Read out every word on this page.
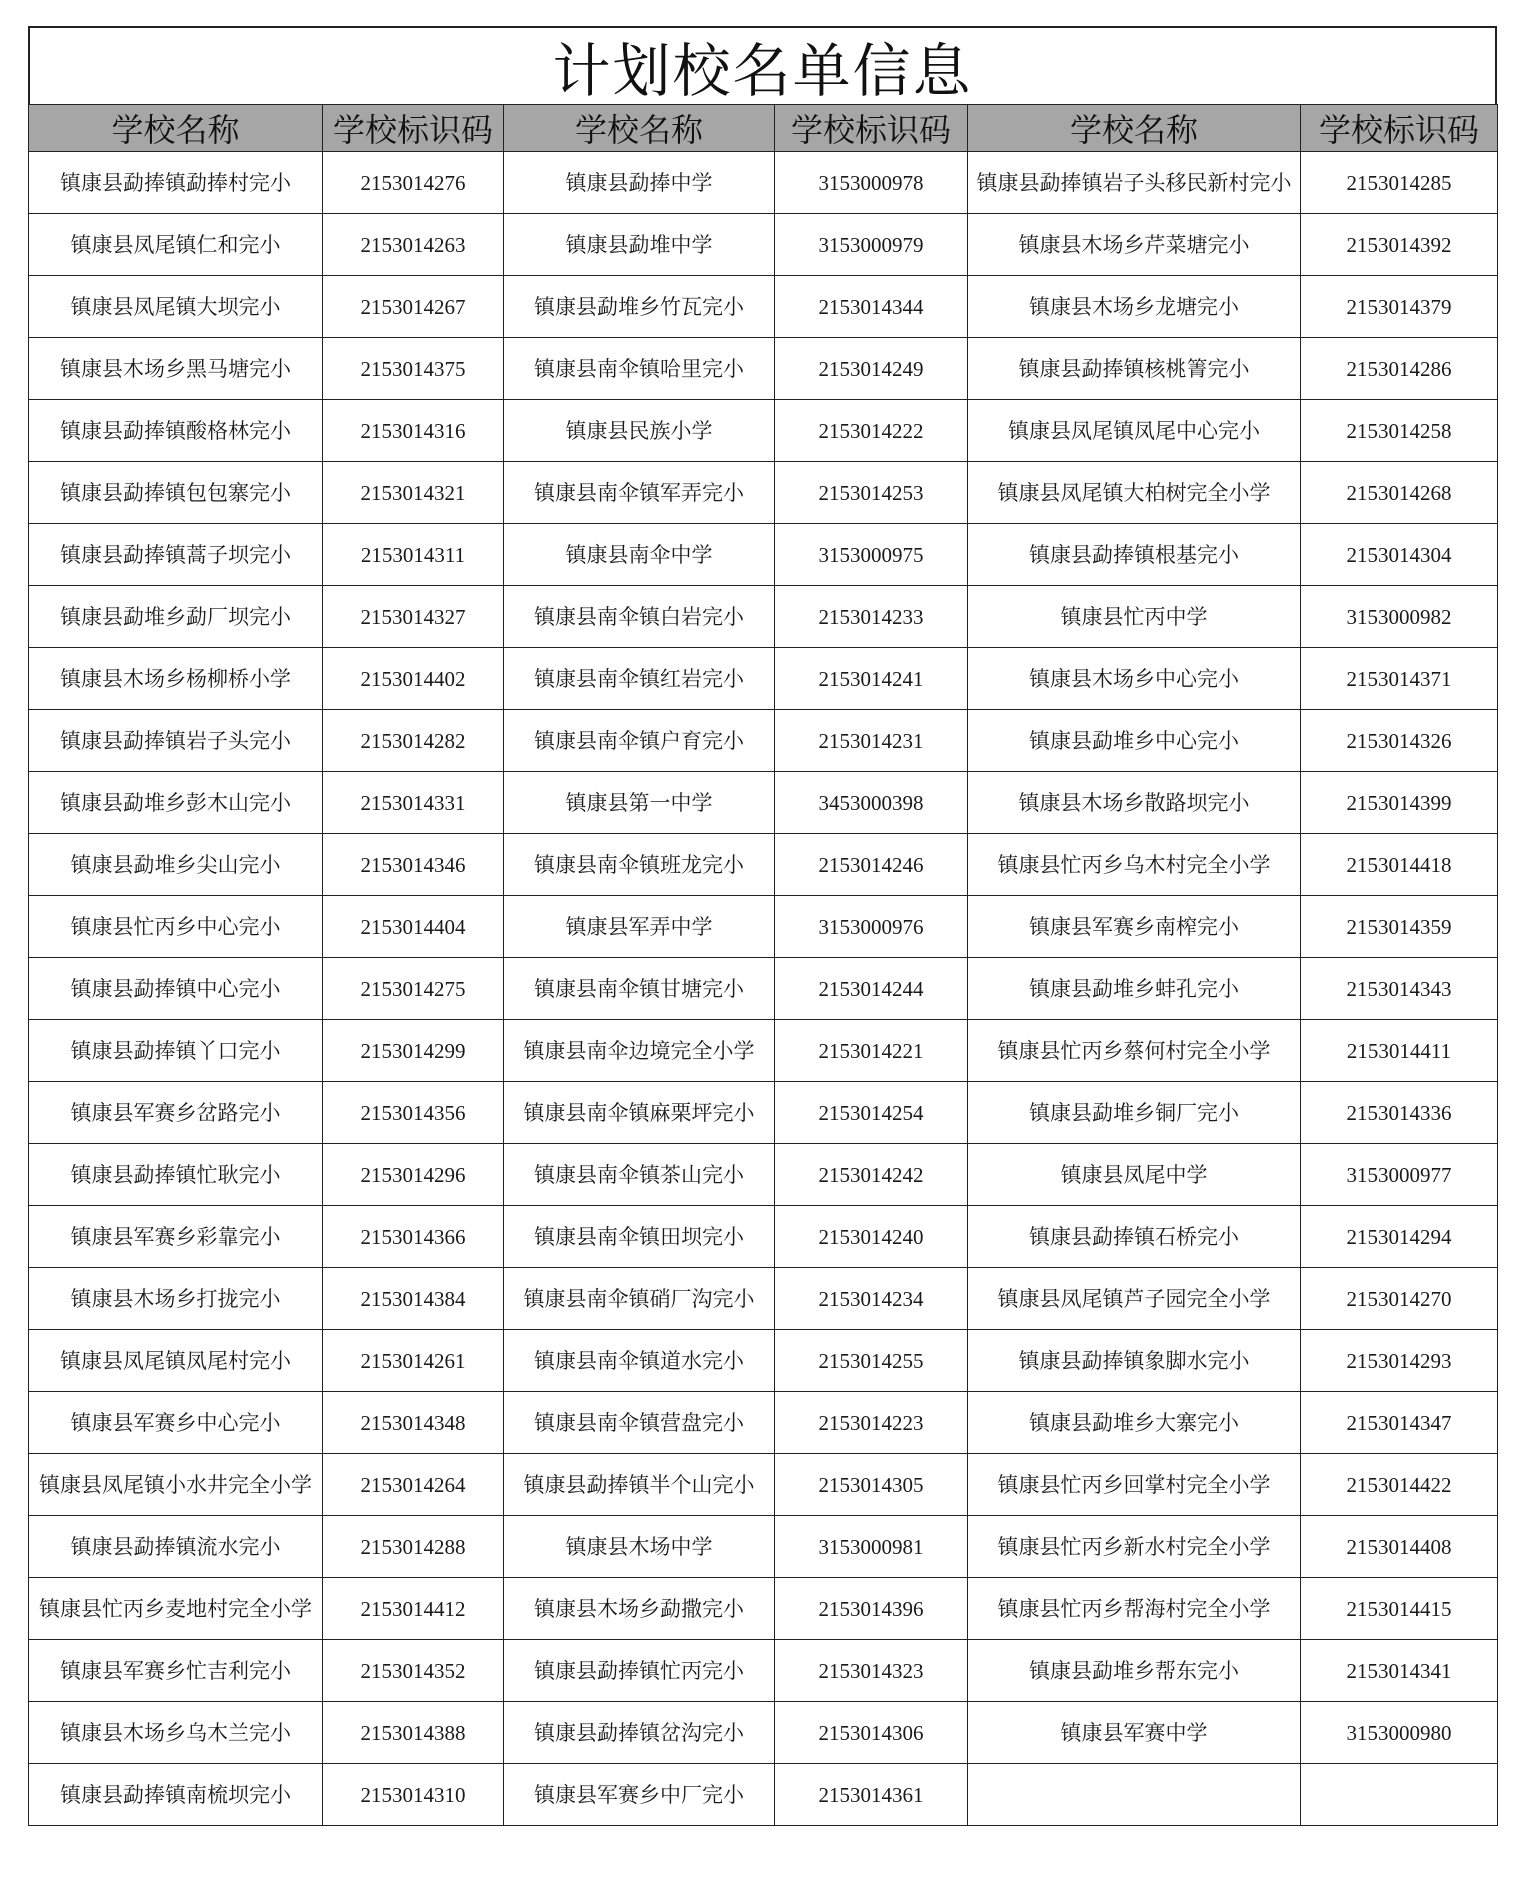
计划校名单信息
学校名称	学校标识码	学校名称	学校标识码	学校名称	学校标识码
镇康县勐捧镇勐捧村完小	2153014276	镇康县勐捧中学	3153000978	镇康县勐捧镇岩子头移民新村完小	2153014285
镇康县凤尾镇仁和完小	2153014263	镇康县勐堆中学	3153000979	镇康县木场乡芹菜塘完小	2153014392
镇康县凤尾镇大坝完小	2153014267	镇康县勐堆乡竹瓦完小	2153014344	镇康县木场乡龙塘完小	2153014379
镇康县木场乡黑马塘完小	2153014375	镇康县南伞镇哈里完小	2153014249	镇康县勐捧镇核桃箐完小	2153014286
镇康县勐捧镇酸格林完小	2153014316	镇康县民族小学	2153014222	镇康县凤尾镇凤尾中心完小	2153014258
镇康县勐捧镇包包寨完小	2153014321	镇康县南伞镇军弄完小	2153014253	镇康县凤尾镇大柏树完全小学	2153014268
镇康县勐捧镇蒿子坝完小	2153014311	镇康县南伞中学	3153000975	镇康县勐捧镇根基完小	2153014304
镇康县勐堆乡勐厂坝完小	2153014327	镇康县南伞镇白岩完小	2153014233	镇康县忙丙中学	3153000982
镇康县木场乡杨柳桥小学	2153014402	镇康县南伞镇红岩完小	2153014241	镇康县木场乡中心完小	2153014371
镇康县勐捧镇岩子头完小	2153014282	镇康县南伞镇户育完小	2153014231	镇康县勐堆乡中心完小	2153014326
镇康县勐堆乡彭木山完小	2153014331	镇康县第一中学	3453000398	镇康县木场乡散路坝完小	2153014399
镇康县勐堆乡尖山完小	2153014346	镇康县南伞镇班龙完小	2153014246	镇康县忙丙乡乌木村完全小学	2153014418
镇康县忙丙乡中心完小	2153014404	镇康县军弄中学	3153000976	镇康县军赛乡南榨完小	2153014359
镇康县勐捧镇中心完小	2153014275	镇康县南伞镇甘塘完小	2153014244	镇康县勐堆乡蚌孔完小	2153014343
镇康县勐捧镇丫口完小	2153014299	镇康县南伞边境完全小学	2153014221	镇康县忙丙乡蔡何村完全小学	2153014411
镇康县军赛乡岔路完小	2153014356	镇康县南伞镇麻栗坪完小	2153014254	镇康县勐堆乡铜厂完小	2153014336
镇康县勐捧镇忙耿完小	2153014296	镇康县南伞镇茶山完小	2153014242	镇康县凤尾中学	3153000977
镇康县军赛乡彩靠完小	2153014366	镇康县南伞镇田坝完小	2153014240	镇康县勐捧镇石桥完小	2153014294
镇康县木场乡打拢完小	2153014384	镇康县南伞镇硝厂沟完小	2153014234	镇康县凤尾镇芦子园完全小学	2153014270
镇康县凤尾镇凤尾村完小	2153014261	镇康县南伞镇道水完小	2153014255	镇康县勐捧镇象脚水完小	2153014293
镇康县军赛乡中心完小	2153014348	镇康县南伞镇营盘完小	2153014223	镇康县勐堆乡大寨完小	2153014347
镇康县凤尾镇小水井完全小学	2153014264	镇康县勐捧镇半个山完小	2153014305	镇康县忙丙乡回掌村完全小学	2153014422
镇康县勐捧镇流水完小	2153014288	镇康县木场中学	3153000981	镇康县忙丙乡新水村完全小学	2153014408
镇康县忙丙乡麦地村完全小学	2153014412	镇康县木场乡勐撒完小	2153014396	镇康县忙丙乡帮海村完全小学	2153014415
镇康县军赛乡忙吉利完小	2153014352	镇康县勐捧镇忙丙完小	2153014323	镇康县勐堆乡帮东完小	2153014341
镇康县木场乡乌木兰完小	2153014388	镇康县勐捧镇岔沟完小	2153014306	镇康县军赛中学	3153000980
镇康县勐捧镇南梳坝完小	2153014310	镇康县军赛乡中厂完小	2153014361		
